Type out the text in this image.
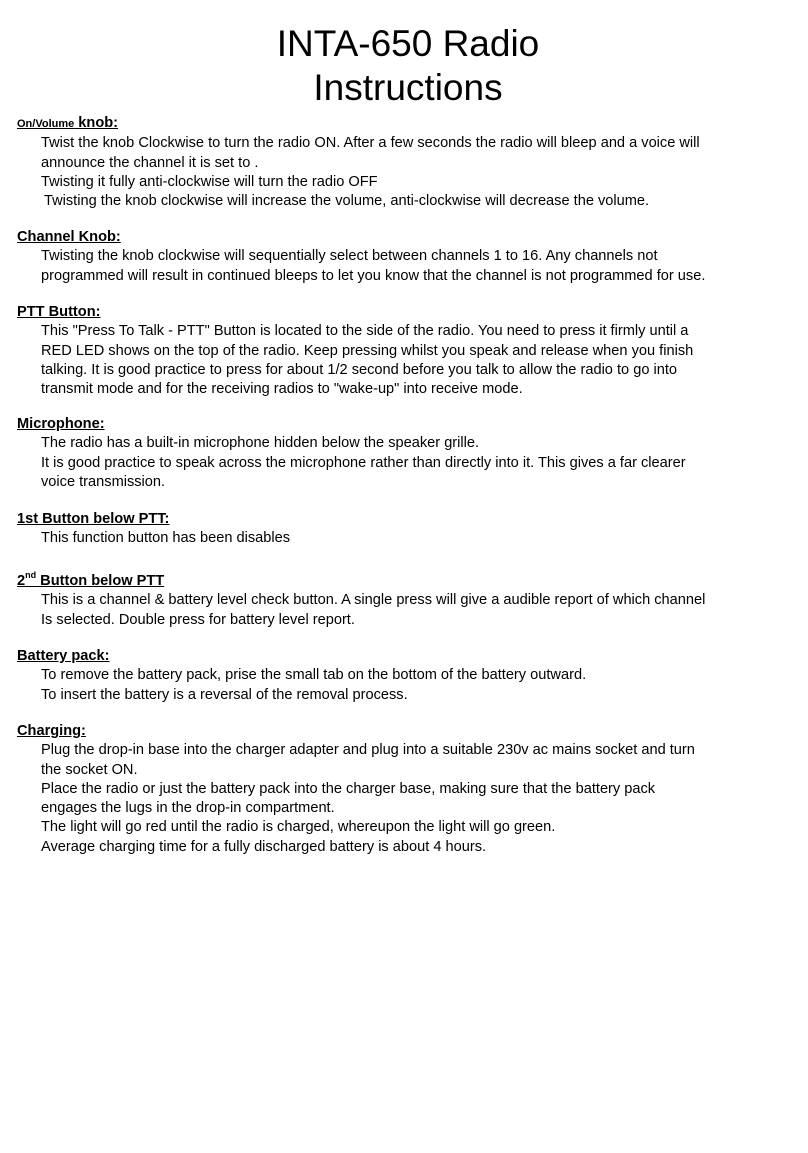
INTA-650 Radio
Instructions
On/Volume knob:
Twist the knob Clockwise to turn the radio ON. After a few seconds the radio will bleep and a voice will
announce the channel it is set to .
Twisting it fully anti-clockwise will turn the radio OFF
Twisting the knob clockwise will increase the volume, anti-clockwise will decrease the volume.
Channel Knob:
Twisting the knob clockwise will sequentially select between channels 1 to 16. Any channels not
programmed will result in continued bleeps to let you know that the channel is not programmed for use.
PTT Button:
This "Press To Talk - PTT" Button is located to the side of the radio. You need to press it firmly until a
RED LED shows on the top of the radio. Keep pressing whilst you speak and release when you finish
talking. It is good practice to press for about 1/2 second before you talk to allow the radio to go into
transmit mode and for the receiving radios to "wake-up" into receive mode.
Microphone:
The radio has a built-in microphone hidden below the speaker grille.
It is good practice to speak across the microphone rather than directly into it. This gives a far clearer
voice transmission.
1st Button below PTT:
This function button has been disables
2nd Button below PTT
This is a channel & battery level check button. A single press will give a audible report of which channel
Is selected. Double press for battery level report.
Battery pack:
To remove the battery pack, prise the small tab on the bottom of the battery outward.
To insert the battery is a reversal of the removal process.
Charging:
Plug the drop-in base into the charger adapter and plug into a suitable 230v ac mains socket and turn
the socket ON.
Place the radio or just the battery pack into the charger base, making sure that the battery pack
engages the lugs in the drop-in compartment.
The light will go red until the radio is charged, whereupon the light will go green.
Average charging time for a fully discharged battery is about 4 hours.
